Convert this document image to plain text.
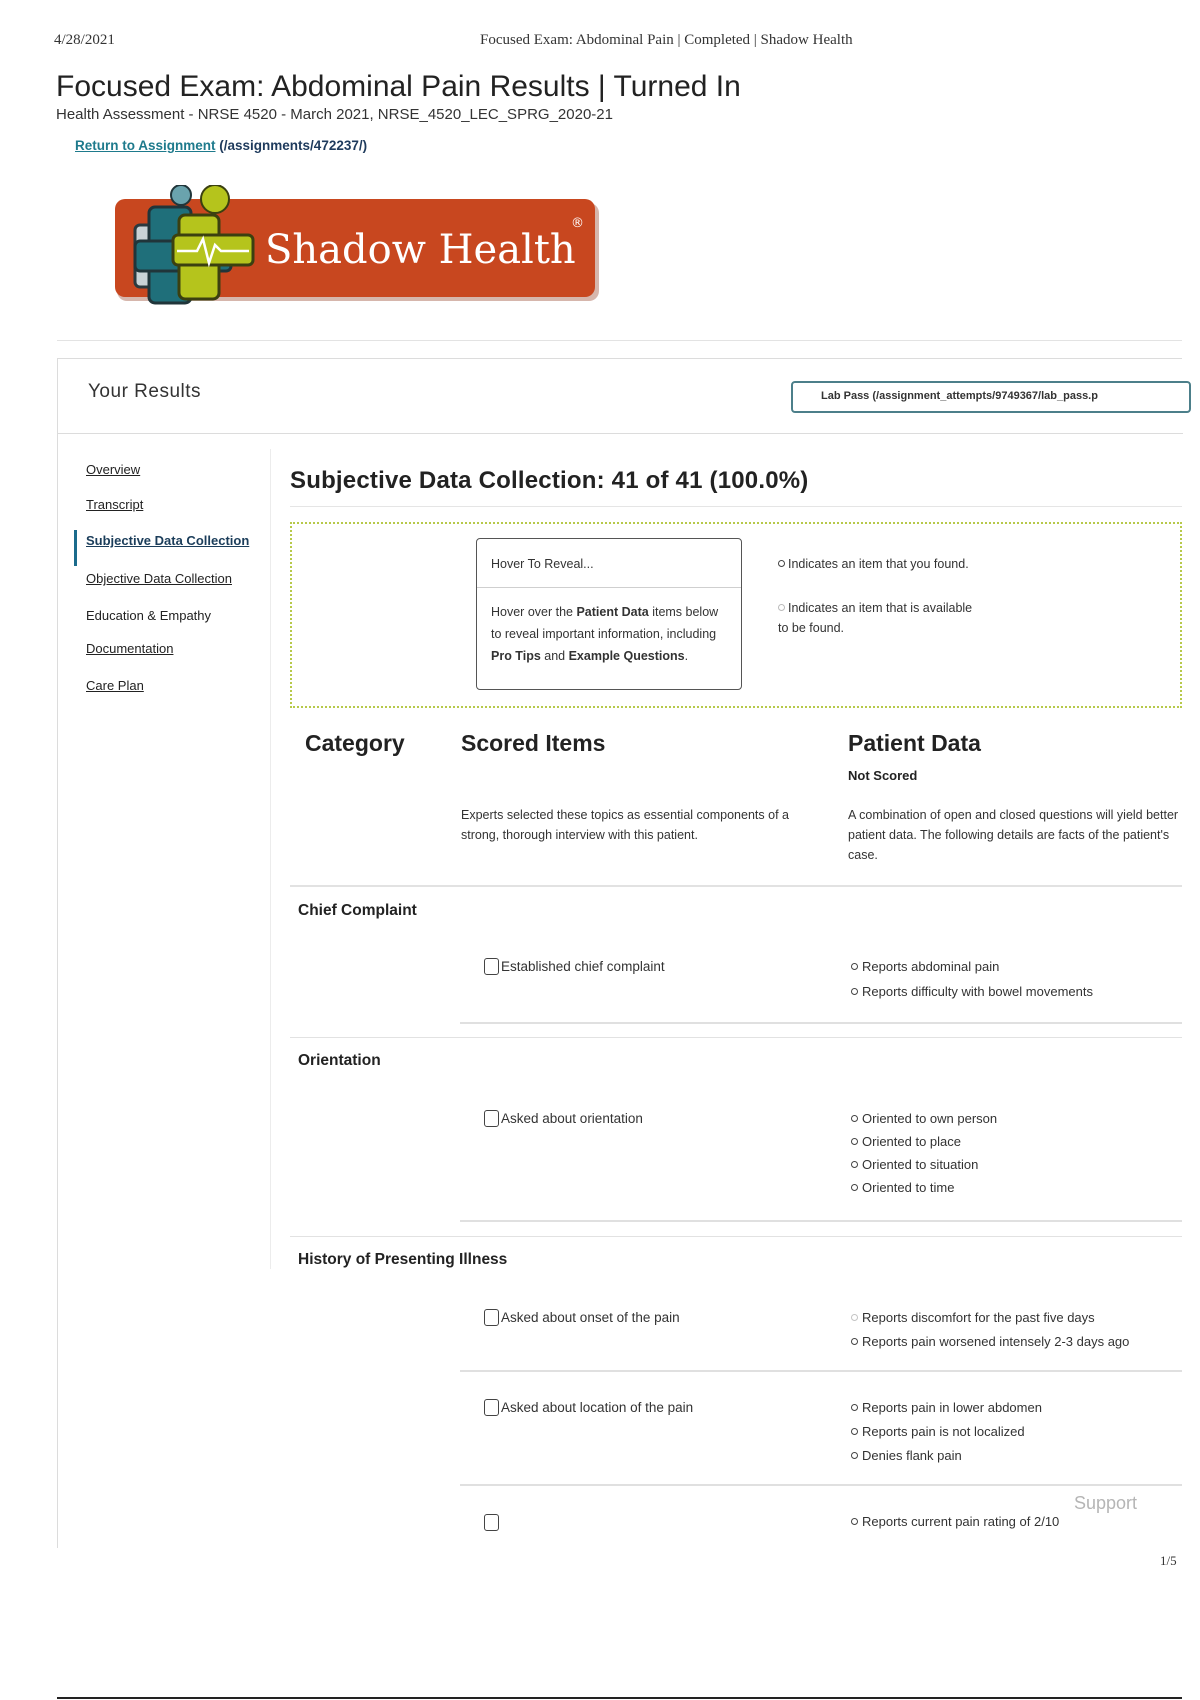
4/28/2021	Focused Exam: Abdominal Pain | Completed | Shadow Health
Focused Exam: Abdominal Pain Results | Turned In
Health Assessment - NRSE 4520 - March 2021, NRSE_4520_LEC_SPRG_2020-21
Return to Assignment (/assignments/472237/)
Shadow Health
®
Your Results	Lab Pass (/assignment_attempts/9749367/lab_pass.p
Overview
Transcript
Subjective Data Collection
Objective Data Collection
Education & Empathy
Documentation
Care Plan
Subjective Data Collection: 41 of 41 (100.0%)
Hover To Reveal...
Hover over the Patient Data items below to reveal important information, including Pro Tips and Example Questions.
Indicates an item that you found.
Indicates an item that is available to be found.
Category Scored Items	Patient Data
Not Scored
Experts selected these topics as essential components of a strong, thorough interview with this patient.
A combination of open and closed questions will yield better patient data. The following details are facts of the patient's case.
Chief Complaint
Established chief complaint	Reports abdominal pain
Reports difficulty with bowel movements
Orientation
Asked about orientation	Oriented to own person
Oriented to place
Oriented to situation
Oriented to time
History of Presenting Illness
Asked about onset of the pain	Reports discomfort for the past five days
Reports pain worsened intensely 2-3 days ago
Asked about location of the pain	Reports pain in lower abdomen
Reports pain is not localized
Denies flank pain
Reports current pain rating of 2/10
Support
1/5
